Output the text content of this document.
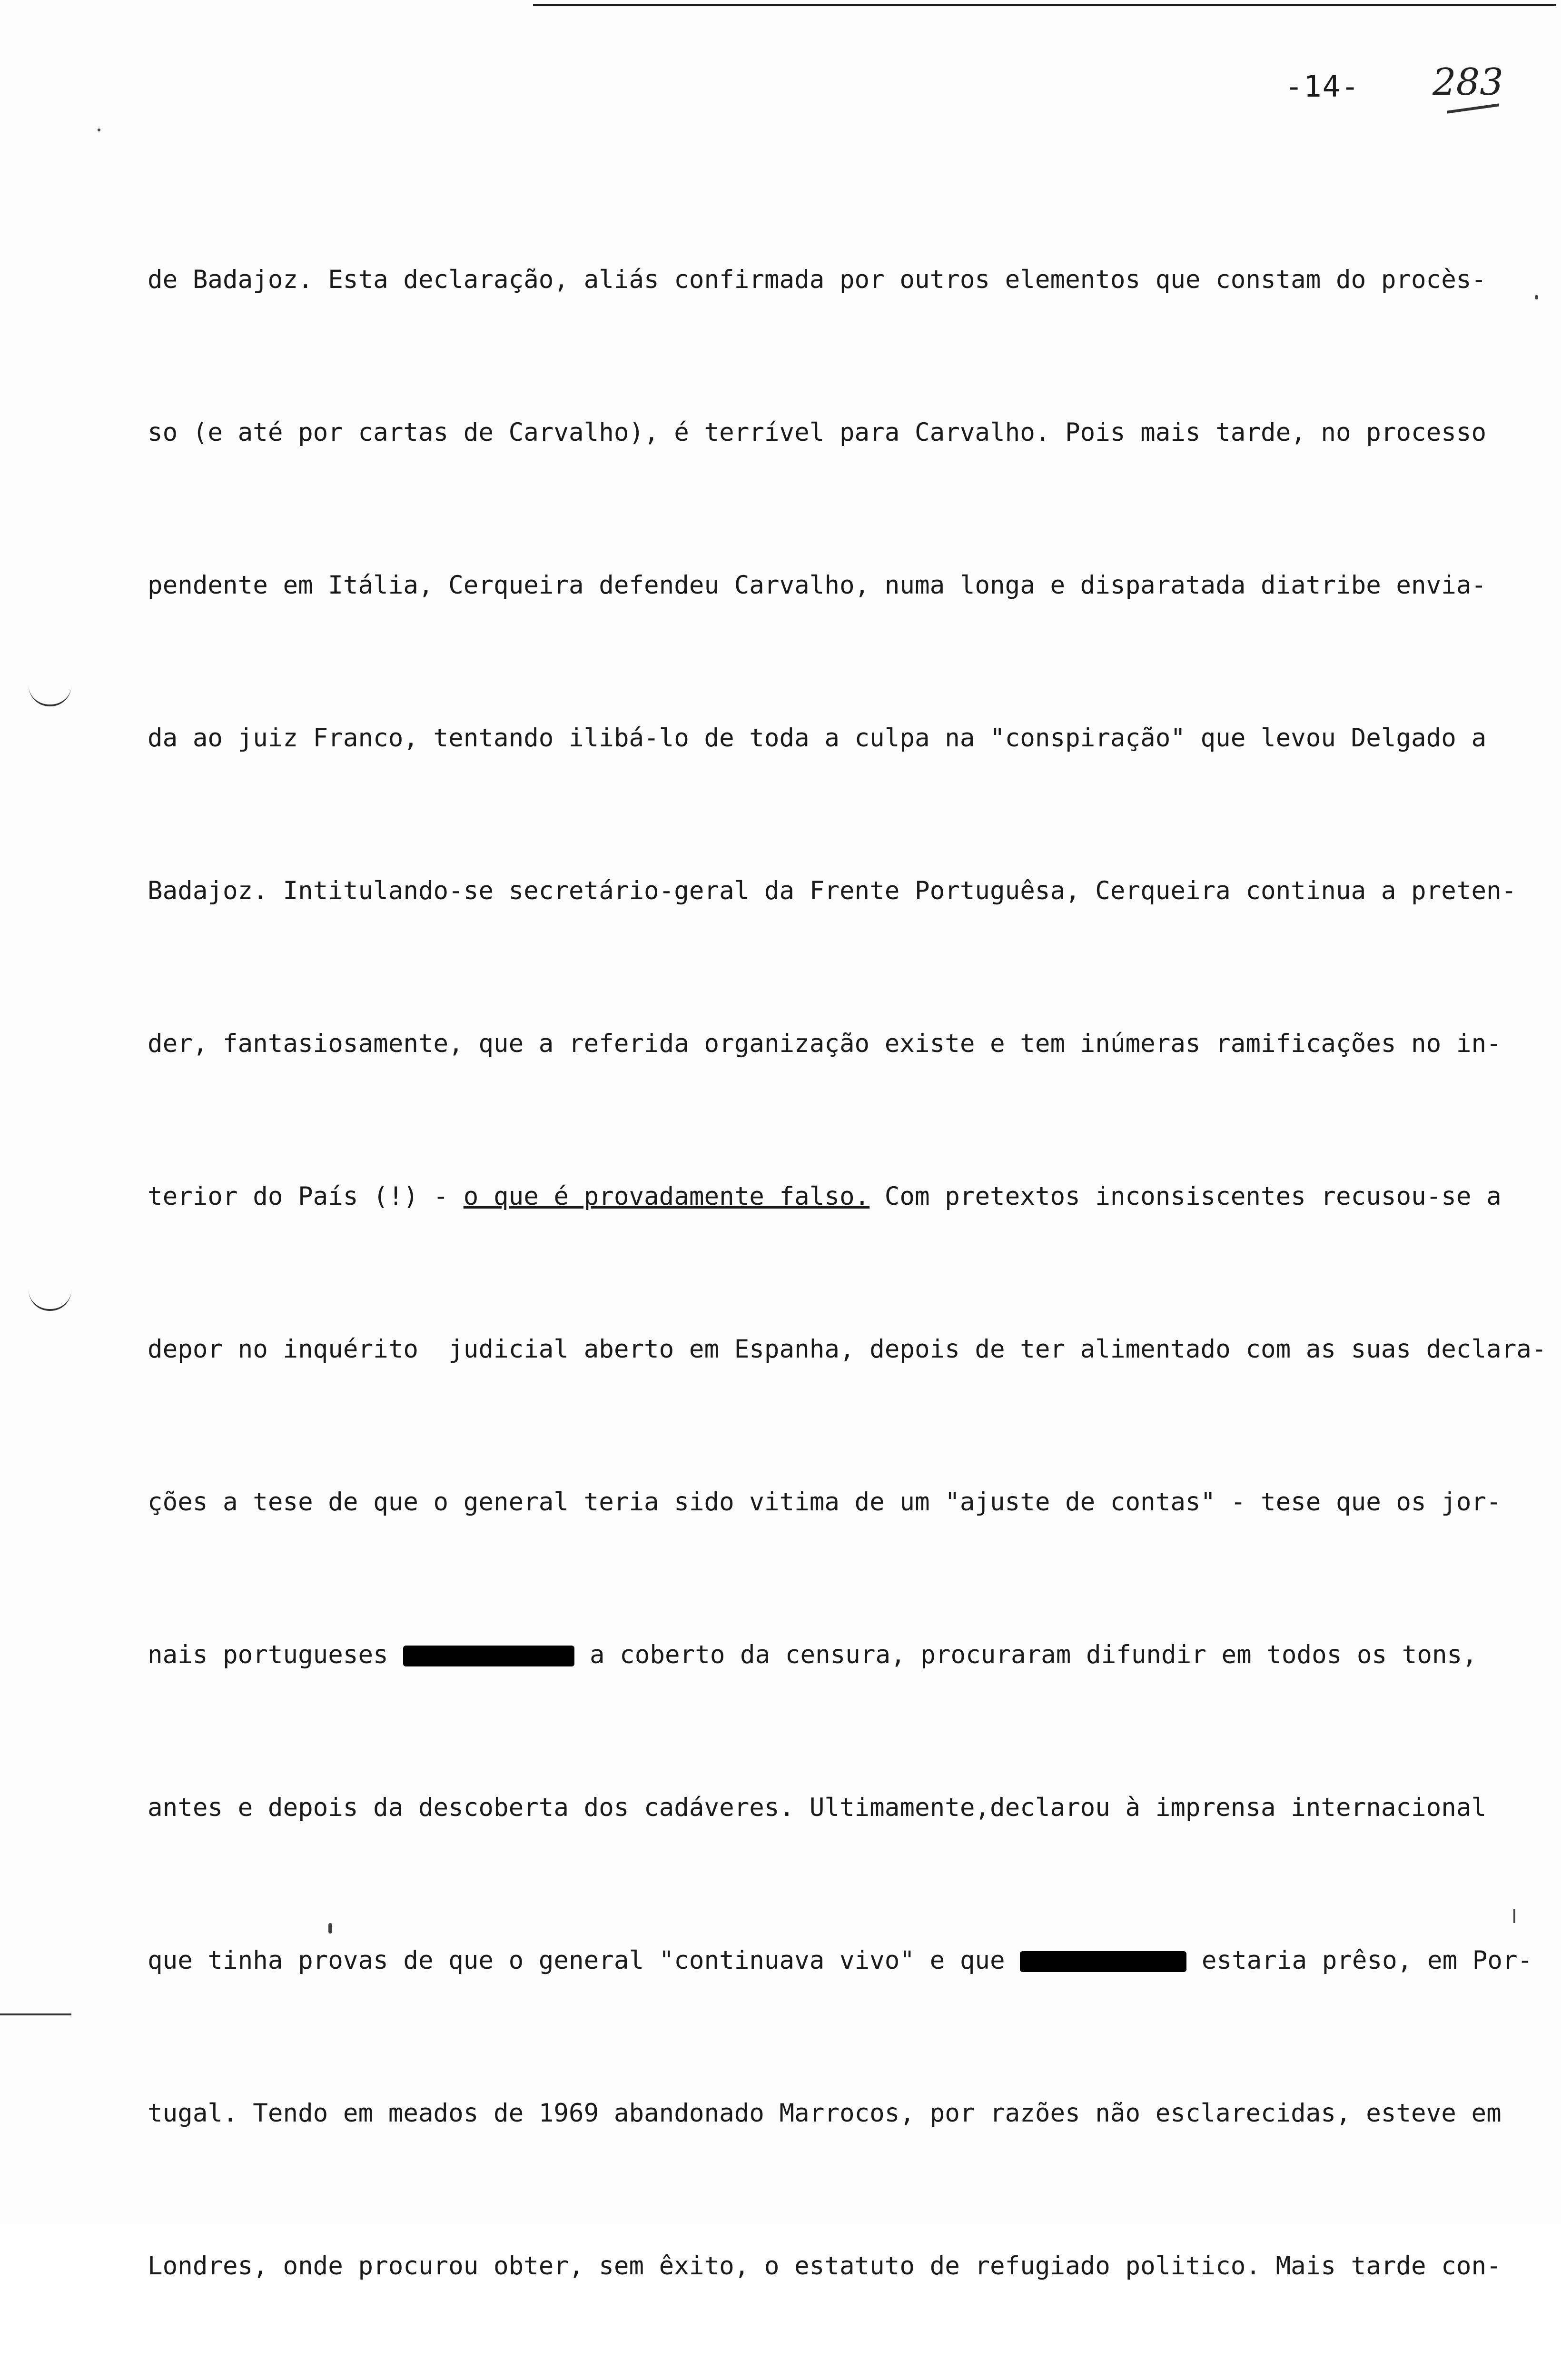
-14- 283

de Badajoz. Esta declaração, aliás confirmada por outros elementos que constam do procès-

so (e até por cartas de Carvalho), é terrível para Carvalho. Pois mais tarde, no processo

pendente em Itália, Cerqueira defendeu Carvalho, numa longa e disparatada diatribe envia-

da ao juiz Franco, tentando ilibá-lo de toda a culpa na "conspiração" que levou Delgado a

Badajoz. Intitulando-se secretário-geral da Frente Portuguêsa, Cerqueira continua a preten-

der, fantasiosamente, que a referida organização existe e tem inúmeras ramificações no in-

terior do País (!) - o que é provadamente falso. Com pretextos inconsiscentes recusou-se a

depor no inquérito  judicial aberto em Espanha, depois de ter alimentado com as suas declara-

ções a tese de que o general teria sido vitima de um "ajuste de contas" - tese que os jor-

nais portugueses	a coberto da censura, procuraram difundir em todos os tons,

antes e depois da descoberta dos cadáveres. Ultimamente,declarou à imprensa internacional

que tinha provas de que o general "continuava vivo" e que	estaria prêso, em Por-

tugal. Tendo em meados de 1969 abandonado Marrocos, por razões não esclarecidas, esteve em

Londres, onde procurou obter, sem êxito, o estatuto de refugiado politico. Mais tarde con-
